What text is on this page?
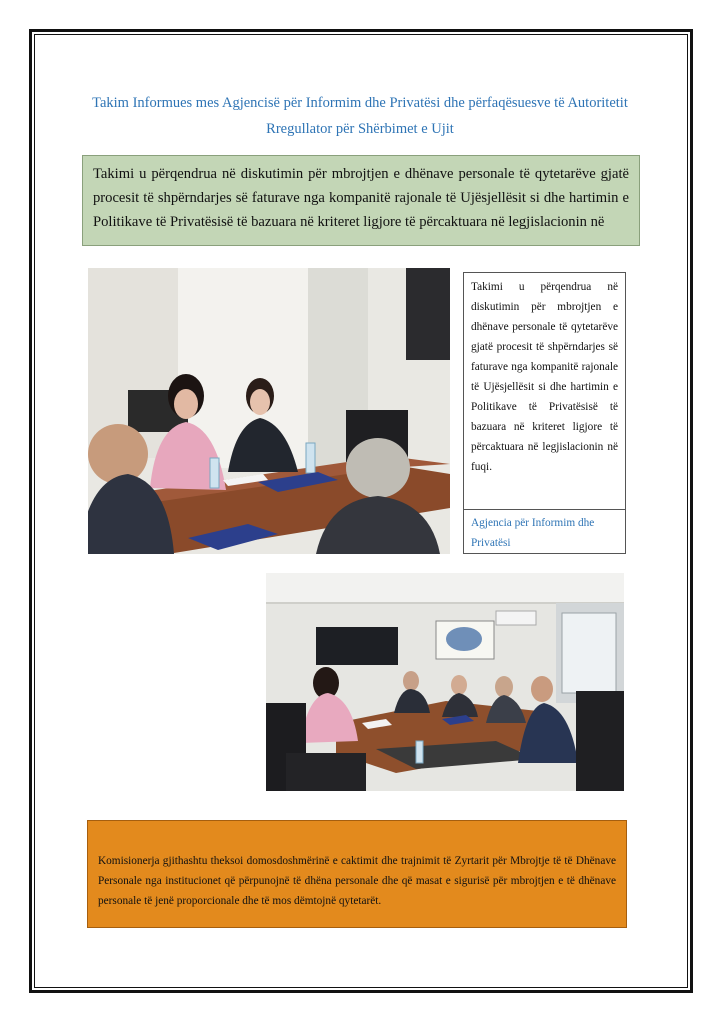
Takim Informues mes Agjencisë për Informim dhe Privatësi dhe përfaqësuesve të Autoritetit Rregullator për Shërbimet e Ujit
Takimi u përqendrua në diskutimin për mbrojtjen e dhënave personale të qytetarëve gjatë procesit të shpërndarjes së faturave nga kompanitë rajonale të Ujësjellësit si dhe hartimin e Politikave të Privatësisë të bazuara në kriteret ligjore të përcaktuara në legjislacionin në
Takimi u përqendrua në diskutimin për mbrojtjen e dhënave personale të qytetarëve gjatë procesit të shpërndarjes së faturave nga kompanitë rajonale të Ujësjellësit si dhe hartimin e Politikave të Privatësisë të bazuara në kriteret ligjore të përcaktuara në legjislacionin në fuqi.
Agjencia për Informim dhe Privatësi
Komisionerja gjithashtu theksoi domosdoshmërinë e caktimit dhe trajnimit të Zyrtarit për Mbrojtje të të Dhënave Personale nga institucionet që përpunojnë të dhëna personale dhe që masat e sigurisë për mbrojtjen e të dhënave personale të jenë proporcionale dhe të mos dëmtojnë qytetarët.
